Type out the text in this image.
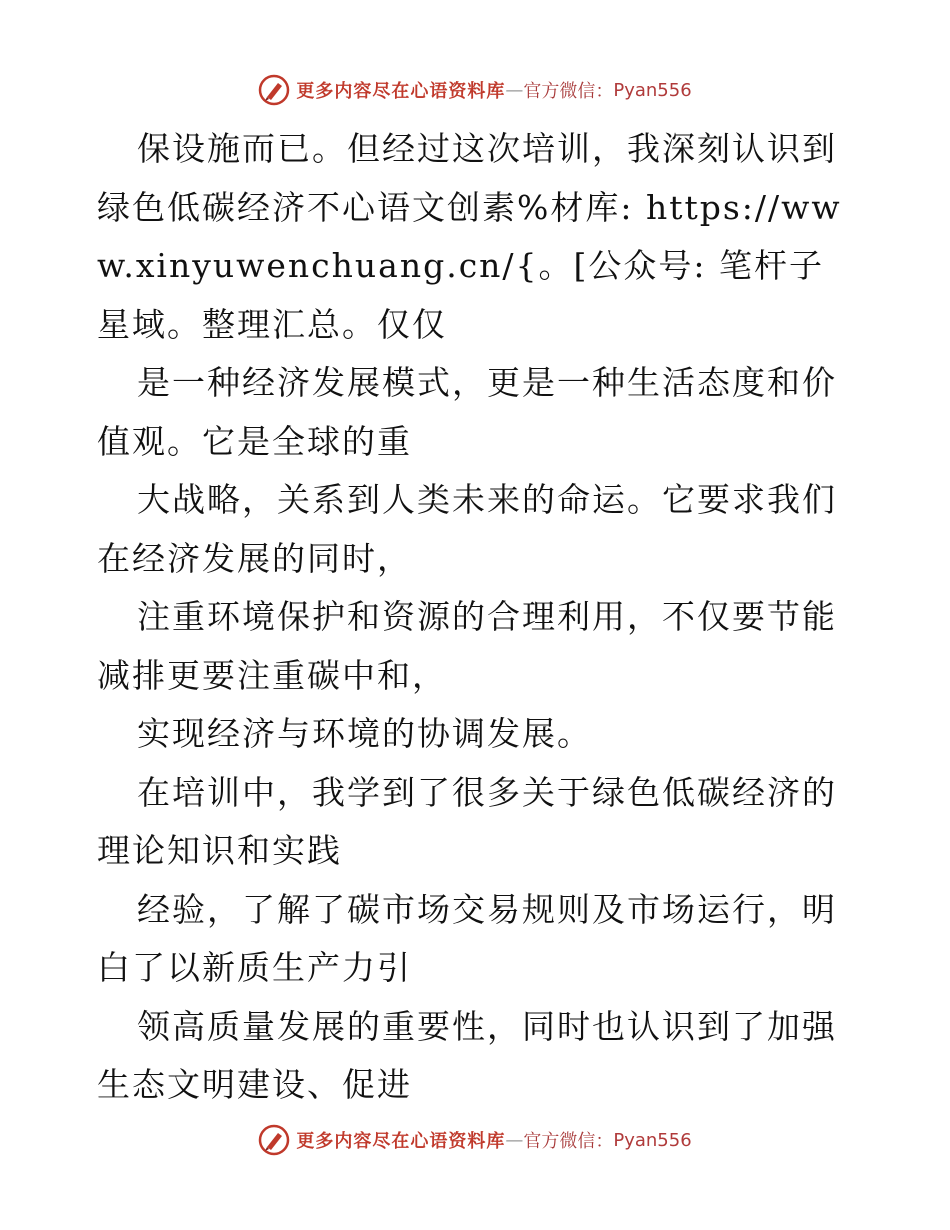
更多内容尽在心语资料库 — 官方微信： Pyan556

保设施而已。但经过这次培训，我深刻认识到绿色低碳经济不心语文创素%材库: https://www.xinyuwenchuang.cn/{。[公众号: 笔杆子星域。整理汇总。仅仅

是一种经济发展模式，更是一种生活态度和价值观。它是全球的重

大战略，关系到人类未来的命运。它要求我们在经济发展的同时，

注重环境保护和资源的合理利用，不仅要节能减排更要注重碳中和，

实现经济与环境的协调发展。

在培训中，我学到了很多关于绿色低碳经济的理论知识和实践

经验，了解了碳市场交易规则及市场运行，明白了以新质生产力引

领高质量发展的重要性，同时也认识到了加强生态文明建设、促进

更多内容尽在心语资料库 — 官方微信： Pyan556
